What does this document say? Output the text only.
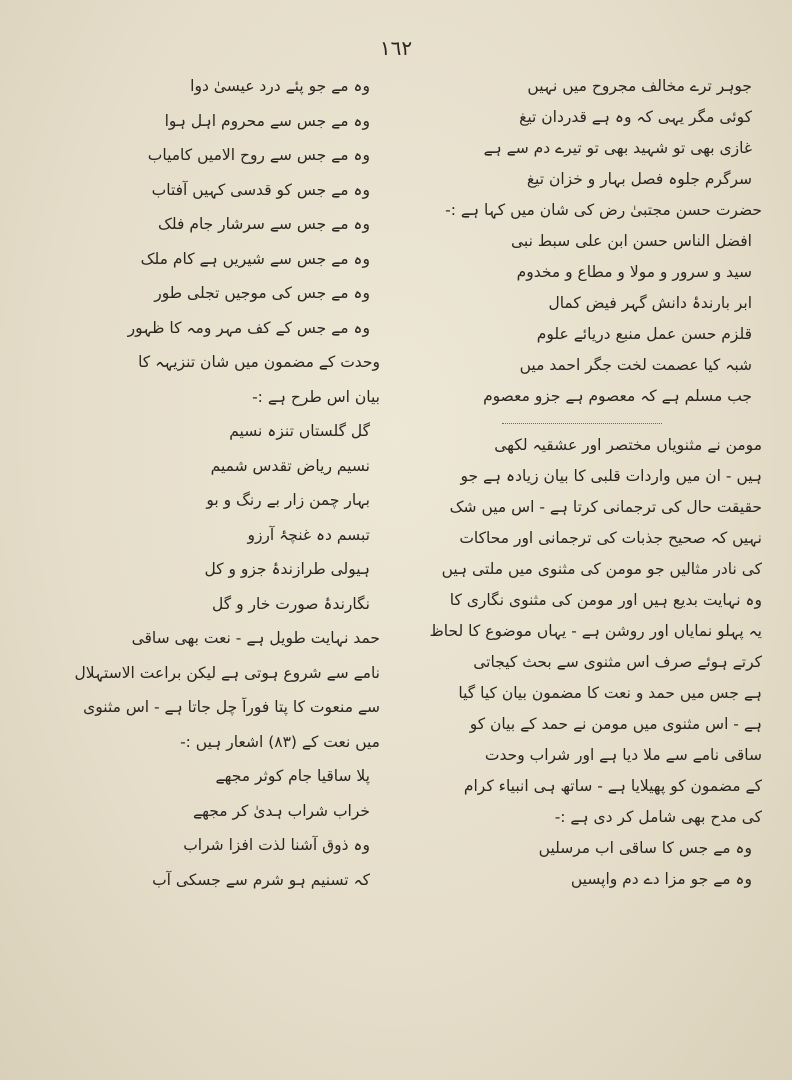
١٦٢
جوہر ترے مخالف مجروح میں نہیں
کوئی مگر یہی کہ وہ ہے قدردان تیغ
غازی بھی تو شہید بھی تو تیرے دم سے ہے
سرگرم جلوہ فصل بہار و خزان تیغ
حضرت حسن مجتبیٰ رض کی شان میں کہا ہے :-
افضل الناس حسن ابن علی سبط نبی
سید و سرور و مولا و مطاع و مخدوم
ابر بارندۂ دانش گہر فیض کمال
قلزم حسن عمل منبع دریائے علوم
شبہ کیا عصمت لخت جگر احمد میں
جب مسلم ہے کہ معصوم ہے جزو معصوم
مومن نے مثنویاں مختصر اور عشقیہ لکھی
ہیں - ان میں واردات قلبی کا بیان زیادہ ہے جو
حقیقت حال کی ترجمانی کرتا ہے - اس میں شک
نہیں کہ صحیح جذبات کی ترجمانی اور محاکات
کی نادر مثالیں جو مومن کی مثنوی میں ملتی ہیں
وہ نہایت بدیع ہیں اور مومن کی مثنوی نگاری کا
یہ پہلو نمایاں اور روشن ہے - یہاں موضوع کا لحاظ
کرتے ہوئے صرف اس مثنوی سے بحث کیجاتی
ہے جس میں حمد و نعت کا مضمون بیان کیا گیا
ہے - اس مثنوی میں مومن نے حمد کے بیان کو
ساقی نامے سے ملا دیا ہے اور شراب وحدت
کے مضمون کو پھیلایا ہے - ساتھ ہی انبیاء کرام
کی مدح بھی شامل کر دی ہے :-
وہ مے جس کا ساقی اب مرسلیں
وہ مے جو مزا دے دم واپسیں
وہ مے جو پئے درد عیسیٰ دوا
وہ مے جس سے محروم اہل ہوا
وہ مے جس سے روح الامیں کامیاب
وہ مے جس کو قدسی کہیں آفتاب
وہ مے جس سے سرشار جام فلک
وہ مے جس سے شیریں ہے کام ملک
وہ مے جس کی موجیں تجلی طور
وہ مے جس کے کف مہر ومہ کا ظہور
وحدت کے مضمون میں شان تنزیہہ کا
بیان اس طرح ہے :-
گل گلستاں تنزہ نسیم
نسیم ریاض تقدس شمیم
بہار چمن زار بے رنگ و بو
تبسم دہ غنچۂ آرزو
ہیولی طرازندۂ جزو و کل
نگارندۂ صورت خار و گل
حمد نہایت طویل ہے - نعت بھی ساقی
نامے سے شروع ہوتی ہے لیکن براعت الاستہلال
سے منعوت کا پتا فوراً چل جاتا ہے - اس مثنوی
میں نعت کے (٨٣) اشعار ہیں :-
پلا ساقیا جام کوثر مجھے
خراب شراب ہدیٰ کر مجھے
وہ ذوق آشنا لذت افزا شراب
کہ تسنیم ہو شرم سے جسکی آب
